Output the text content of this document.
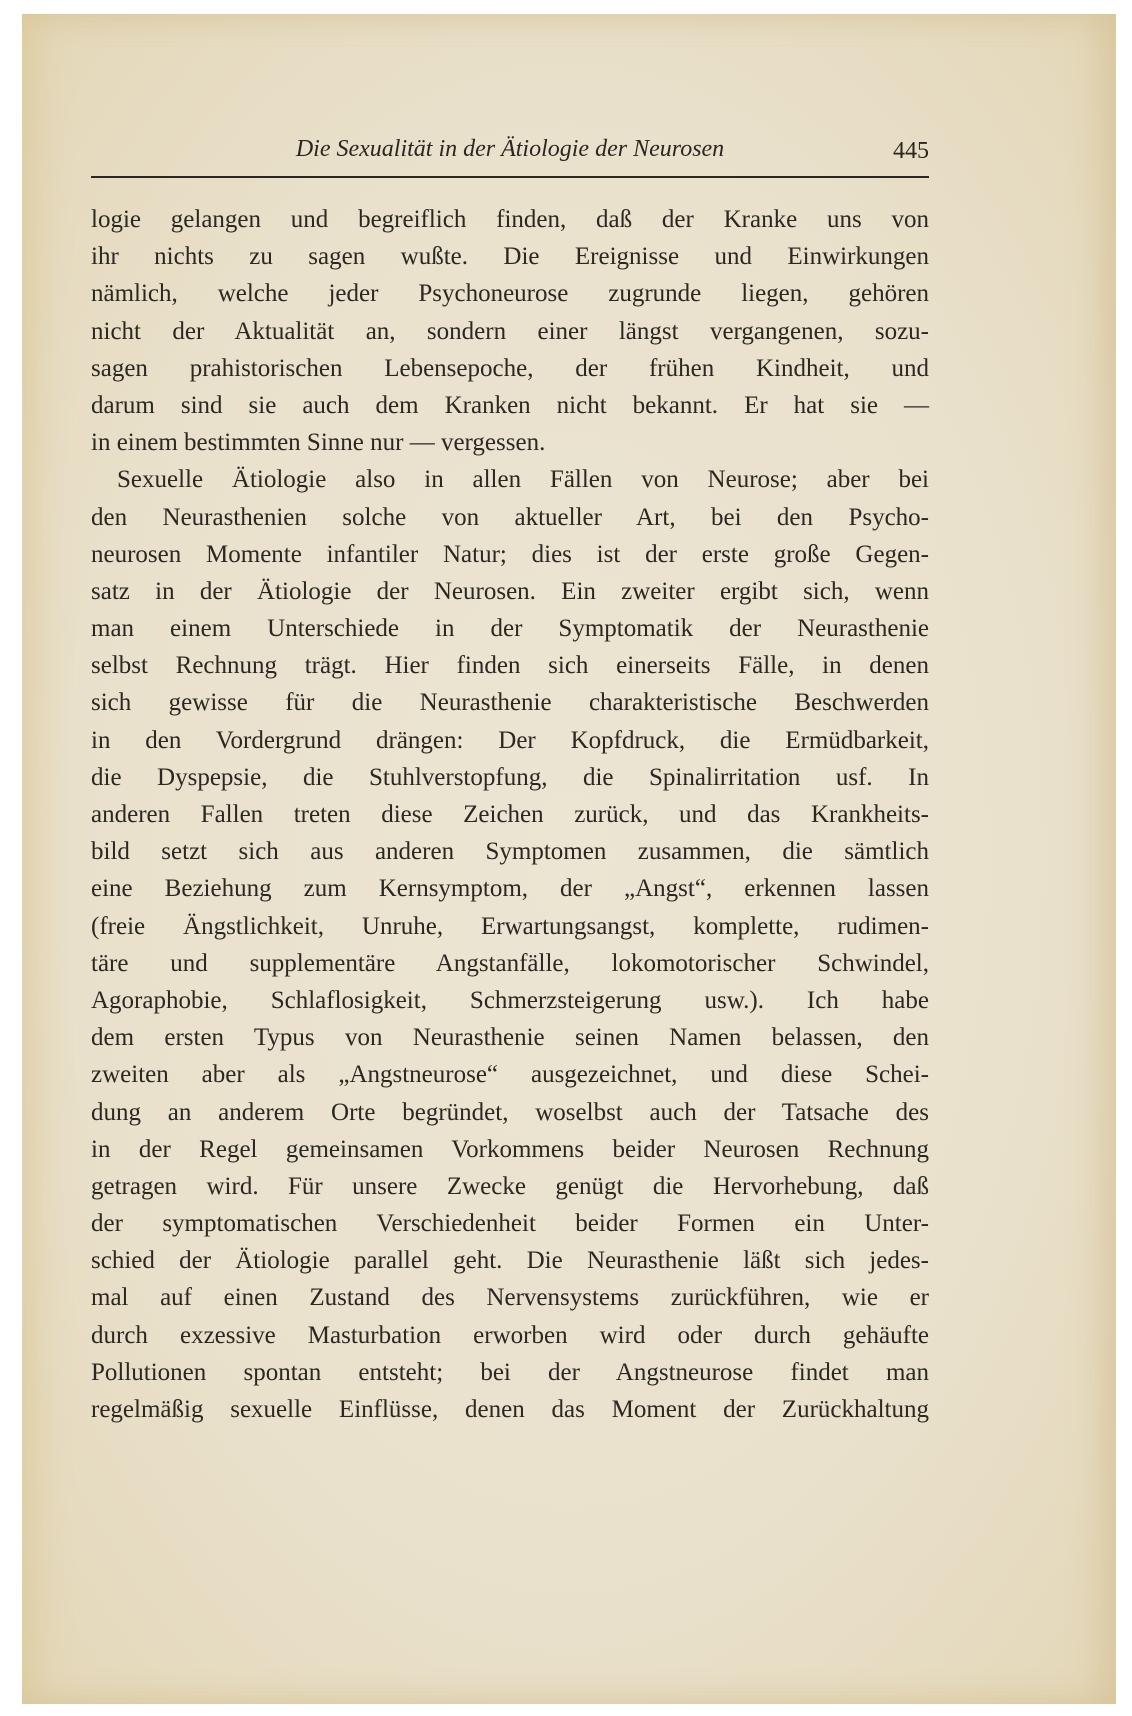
Die Sexualität in der Ätiologie der Neurosen	445
logie gelangen und begreiflich finden, daß der Kranke uns von
ihr nichts zu sagen wußte. Die Ereignisse und Einwirkungen
nämlich, welche jeder Psychoneurose zugrunde liegen, gehören
nicht der Aktualität an, sondern einer längst vergangenen, sozu-
sagen prahistorischen Lebensepoche, der frühen Kindheit, und
darum sind sie auch dem Kranken nicht bekannt. Er hat sie —
in einem bestimmten Sinne nur — vergessen.
Sexuelle Ätiologie also in allen Fällen von Neurose; aber bei
den Neurasthenien solche von aktueller Art, bei den Psycho-
neurosen Momente infantiler Natur; dies ist der erste große Gegen-
satz in der Ätiologie der Neurosen. Ein zweiter ergibt sich, wenn
man einem Unterschiede in der Symptomatik der Neurasthenie
selbst Rechnung trägt. Hier finden sich einerseits Fälle, in denen
sich gewisse für die Neurasthenie charakteristische Beschwerden
in den Vordergrund drängen: Der Kopfdruck, die Ermüdbarkeit,
die Dyspepsie, die Stuhlverstopfung, die Spinalirritation usf. In
anderen Fallen treten diese Zeichen zurück, und das Krankheits-
bild setzt sich aus anderen Symptomen zusammen, die sämtlich
eine Beziehung zum Kernsymptom, der „Angst“, erkennen lassen
(freie Ängstlichkeit, Unruhe, Erwartungsangst, komplette, rudimen-
täre und supplementäre Angstanfälle, lokomotorischer Schwindel,
Agoraphobie, Schlaflosigkeit, Schmerzsteigerung usw.). Ich habe
dem ersten Typus von Neurasthenie seinen Namen belassen, den
zweiten aber als „Angstneurose“ ausgezeichnet, und diese Schei-
dung an anderem Orte begründet, woselbst auch der Tatsache des
in der Regel gemeinsamen Vorkommens beider Neurosen Rechnung
getragen wird. Für unsere Zwecke genügt die Hervorhebung, daß
der symptomatischen Verschiedenheit beider Formen ein Unter-
schied der Ätiologie parallel geht. Die Neurasthenie läßt sich jedes-
mal auf einen Zustand des Nervensystems zurückführen, wie er
durch exzessive Masturbation erworben wird oder durch gehäufte
Pollutionen spontan entsteht; bei der Angstneurose findet man
regelmäßig sexuelle Einflüsse, denen das Moment der Zurückhaltung
